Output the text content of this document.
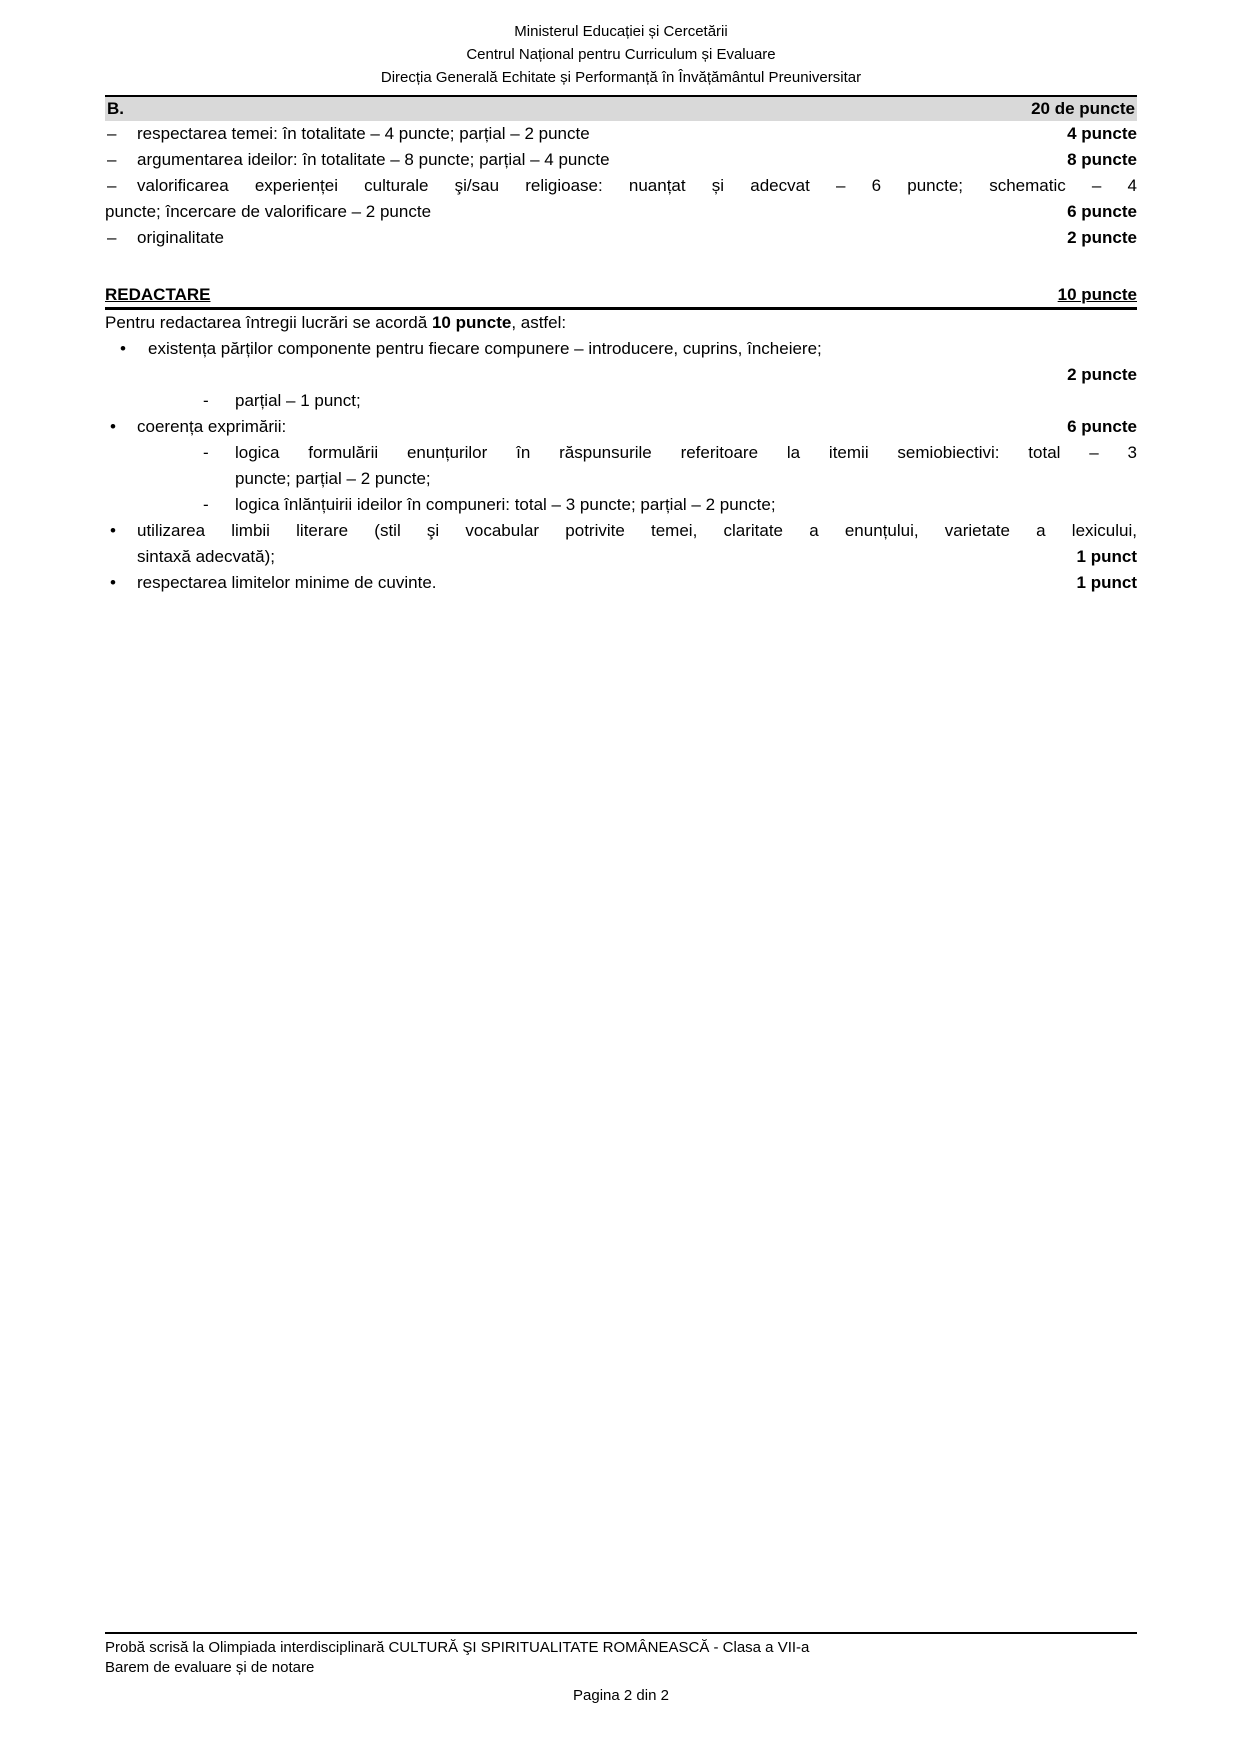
Ministerul Educației și Cercetării
Centrul Național pentru Curriculum și Evaluare
Direcția Generală Echitate și Performanță în Învățământul Preuniversitar
B.	20 de puncte
– respectarea temei: în totalitate – 4 puncte; parțial – 2 puncte	4 puncte
– argumentarea ideilor: în totalitate – 8 puncte; parțial – 4 puncte	8 puncte
– valorificarea experienței culturale şi/sau religioase: nuanțat și adecvat – 6 puncte; schematic – 4
puncte; încercare de valorificare – 2 puncte	6 puncte
– originalitate	2 puncte
REDACTARE	10 puncte
Pentru redactarea întregii lucrări se acordă 10 puncte, astfel:
• existența părților componente pentru fiecare compunere – introducere, cuprins, încheiere;
2 puncte
- parțial – 1 punct;
• coerența exprimării:	6 puncte
- logica formulării enunțurilor în răspunsurile referitoare la itemii semiobiectivi: total – 3
puncte; parțial – 2 puncte;
- logica înlănțuirii ideilor în compuneri: total – 3 puncte; parțial – 2 puncte;
• utilizarea limbii literare (stil şi vocabular potrivite temei, claritate a enunțului, varietate a lexicului,
sintaxă adecvată);	1 punct
• respectarea limitelor minime de cuvinte.	1 punct
Probă scrisă la Olimpiada interdisciplinară CULTURĂ ŞI SPIRITUALITATE ROMÂNEASCĂ - Clasa a VII-a
Barem de evaluare și de notare
Pagina 2 din 2
